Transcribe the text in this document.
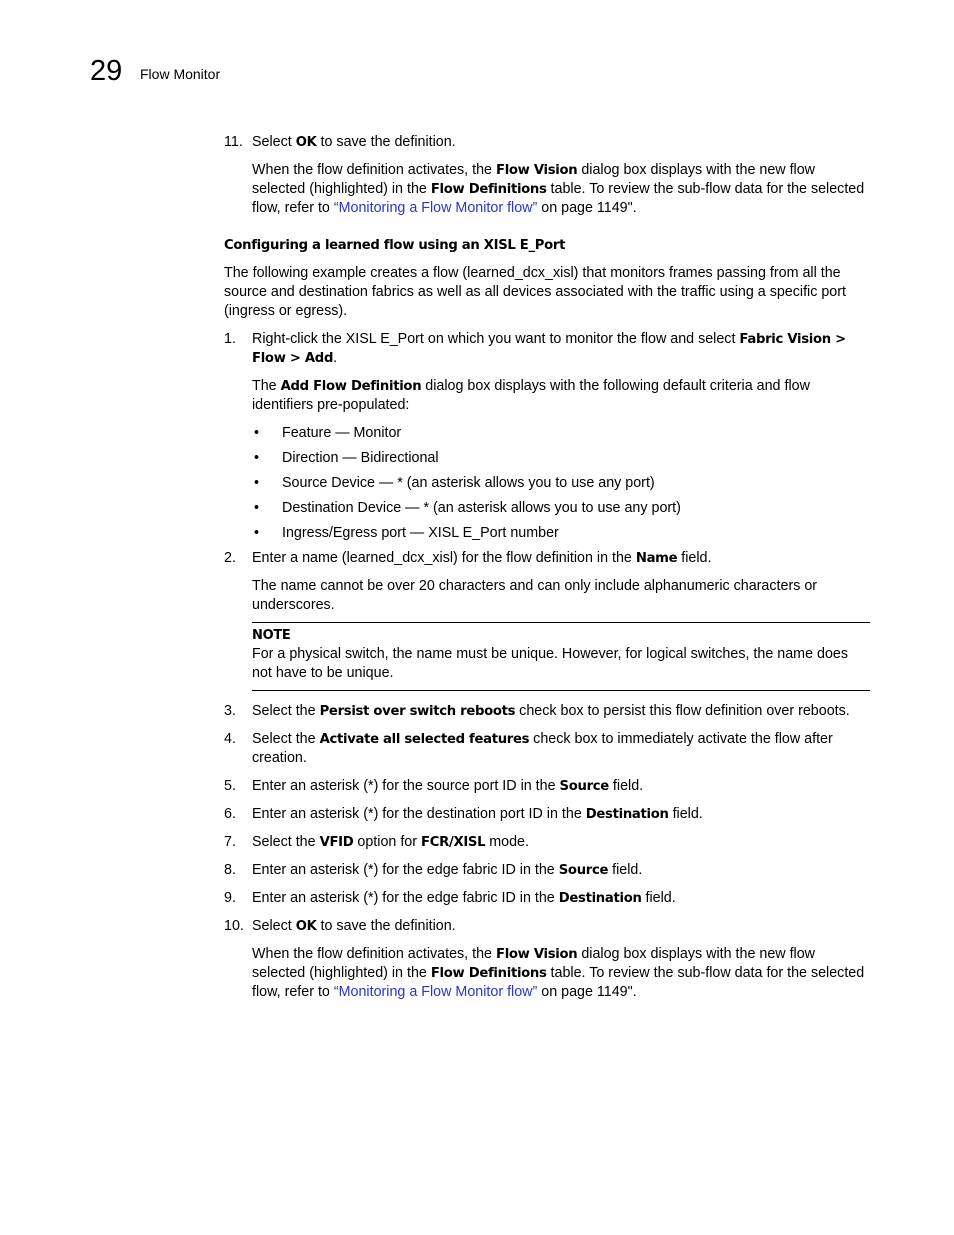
29 Flow Monitor
11. Select OK to save the definition.

When the flow definition activates, the Flow Vision dialog box displays with the new flow selected (highlighted) in the Flow Definitions table. To review the sub-flow data for the selected flow, refer to “Monitoring a Flow Monitor flow” on page 1149".

Configuring a learned flow using an XISL E_Port

The following example creates a flow (learned_dcx_xisl) that monitors frames passing from all the source and destination fabrics as well as all devices associated with the traffic using a specific port (ingress or egress).

1.	Right-click the XISL E_Port on which you want to monitor the flow and select Fabric Vision > Flow > Add.

The Add Flow Definition dialog box displays with the following default criteria and flow identifiers pre-populated:

•	Feature — Monitor
•	Direction — Bidirectional
•	Source Device — * (an asterisk allows you to use any port)
•	Destination Device — * (an asterisk allows you to use any port)
•	Ingress/Egress port — XISL E_Port number
2.	Enter a name (learned_dcx_xisl) for the flow definition in the Name field.

The name cannot be over 20 characters and can only include alphanumeric characters or underscores.

NOTE
For a physical switch, the name must be unique. However, for logical switches, the name does not have to be unique.
3.	Select the Persist over switch reboots check box to persist this flow definition over reboots.
4.	Select the Activate all selected features check box to immediately activate the flow after creation.
5.	Enter an asterisk (*) for the source port ID in the Source field.
6.	Enter an asterisk (*) for the destination port ID in the Destination field.
7.	Select the VFID option for FCR/XISL mode.
8.	Enter an asterisk (*) for the edge fabric ID in the Source field.
9.	Enter an asterisk (*) for the edge fabric ID in the Destination field.
10. Select OK to save the definition.

When the flow definition activates, the Flow Vision dialog box displays with the new flow selected (highlighted) in the Flow Definitions table. To review the sub-flow data for the selected flow, refer to “Monitoring a Flow Monitor flow” on page 1149".
